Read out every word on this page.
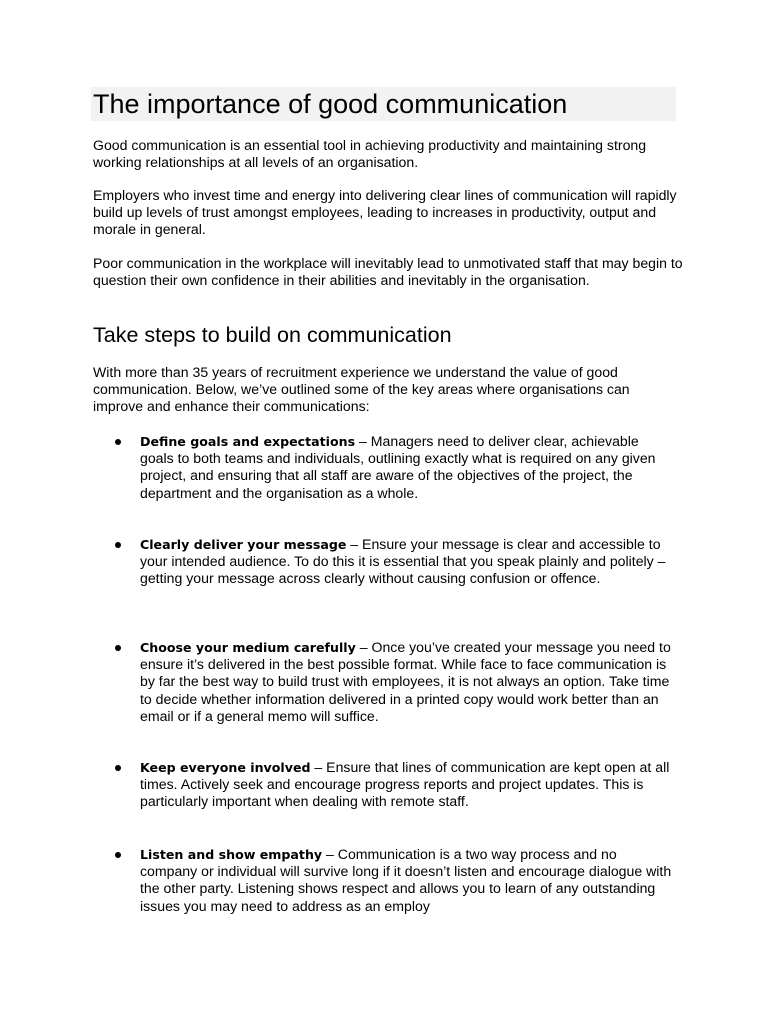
The importance of good communication

Good communication is an essential tool in achieving productivity and maintaining strong working relationships at all levels of an organisation.

Employers who invest time and energy into delivering clear lines of communication will rapidly build up levels of trust amongst employees, leading to increases in productivity, output and morale in general.

Poor communication in the workplace will inevitably lead to unmotivated staff that may begin to question their own confidence in their abilities and inevitably in the organisation.

Take steps to build on communication

With more than 35 years of recruitment experience we understand the value of good communication. Below, we’ve outlined some of the key areas where organisations can improve and enhance their communications:

Define goals and expectations – Managers need to deliver clear, achievable goals to both teams and individuals, outlining exactly what is required on any given project, and ensuring that all staff are aware of the objectives of the project, the department and the organisation as a whole.

Clearly deliver your message – Ensure your message is clear and accessible to your intended audience. To do this it is essential that you speak plainly and politely – getting your message across clearly without causing confusion or offence.

Choose your medium carefully – Once you’ve created your message you need to ensure it’s delivered in the best possible format. While face to face communication is by far the best way to build trust with employees, it is not always an option. Take time to decide whether information delivered in a printed copy would work better than an email or if a general memo will suffice.

Keep everyone involved – Ensure that lines of communication are kept open at all times. Actively seek and encourage progress reports and project updates. This is particularly important when dealing with remote staff.

Listen and show empathy – Communication is a two way process and no company or individual will survive long if it doesn’t listen and encourage dialogue with the other party. Listening shows respect and allows you to learn of any outstanding issues you may need to address as an employ
